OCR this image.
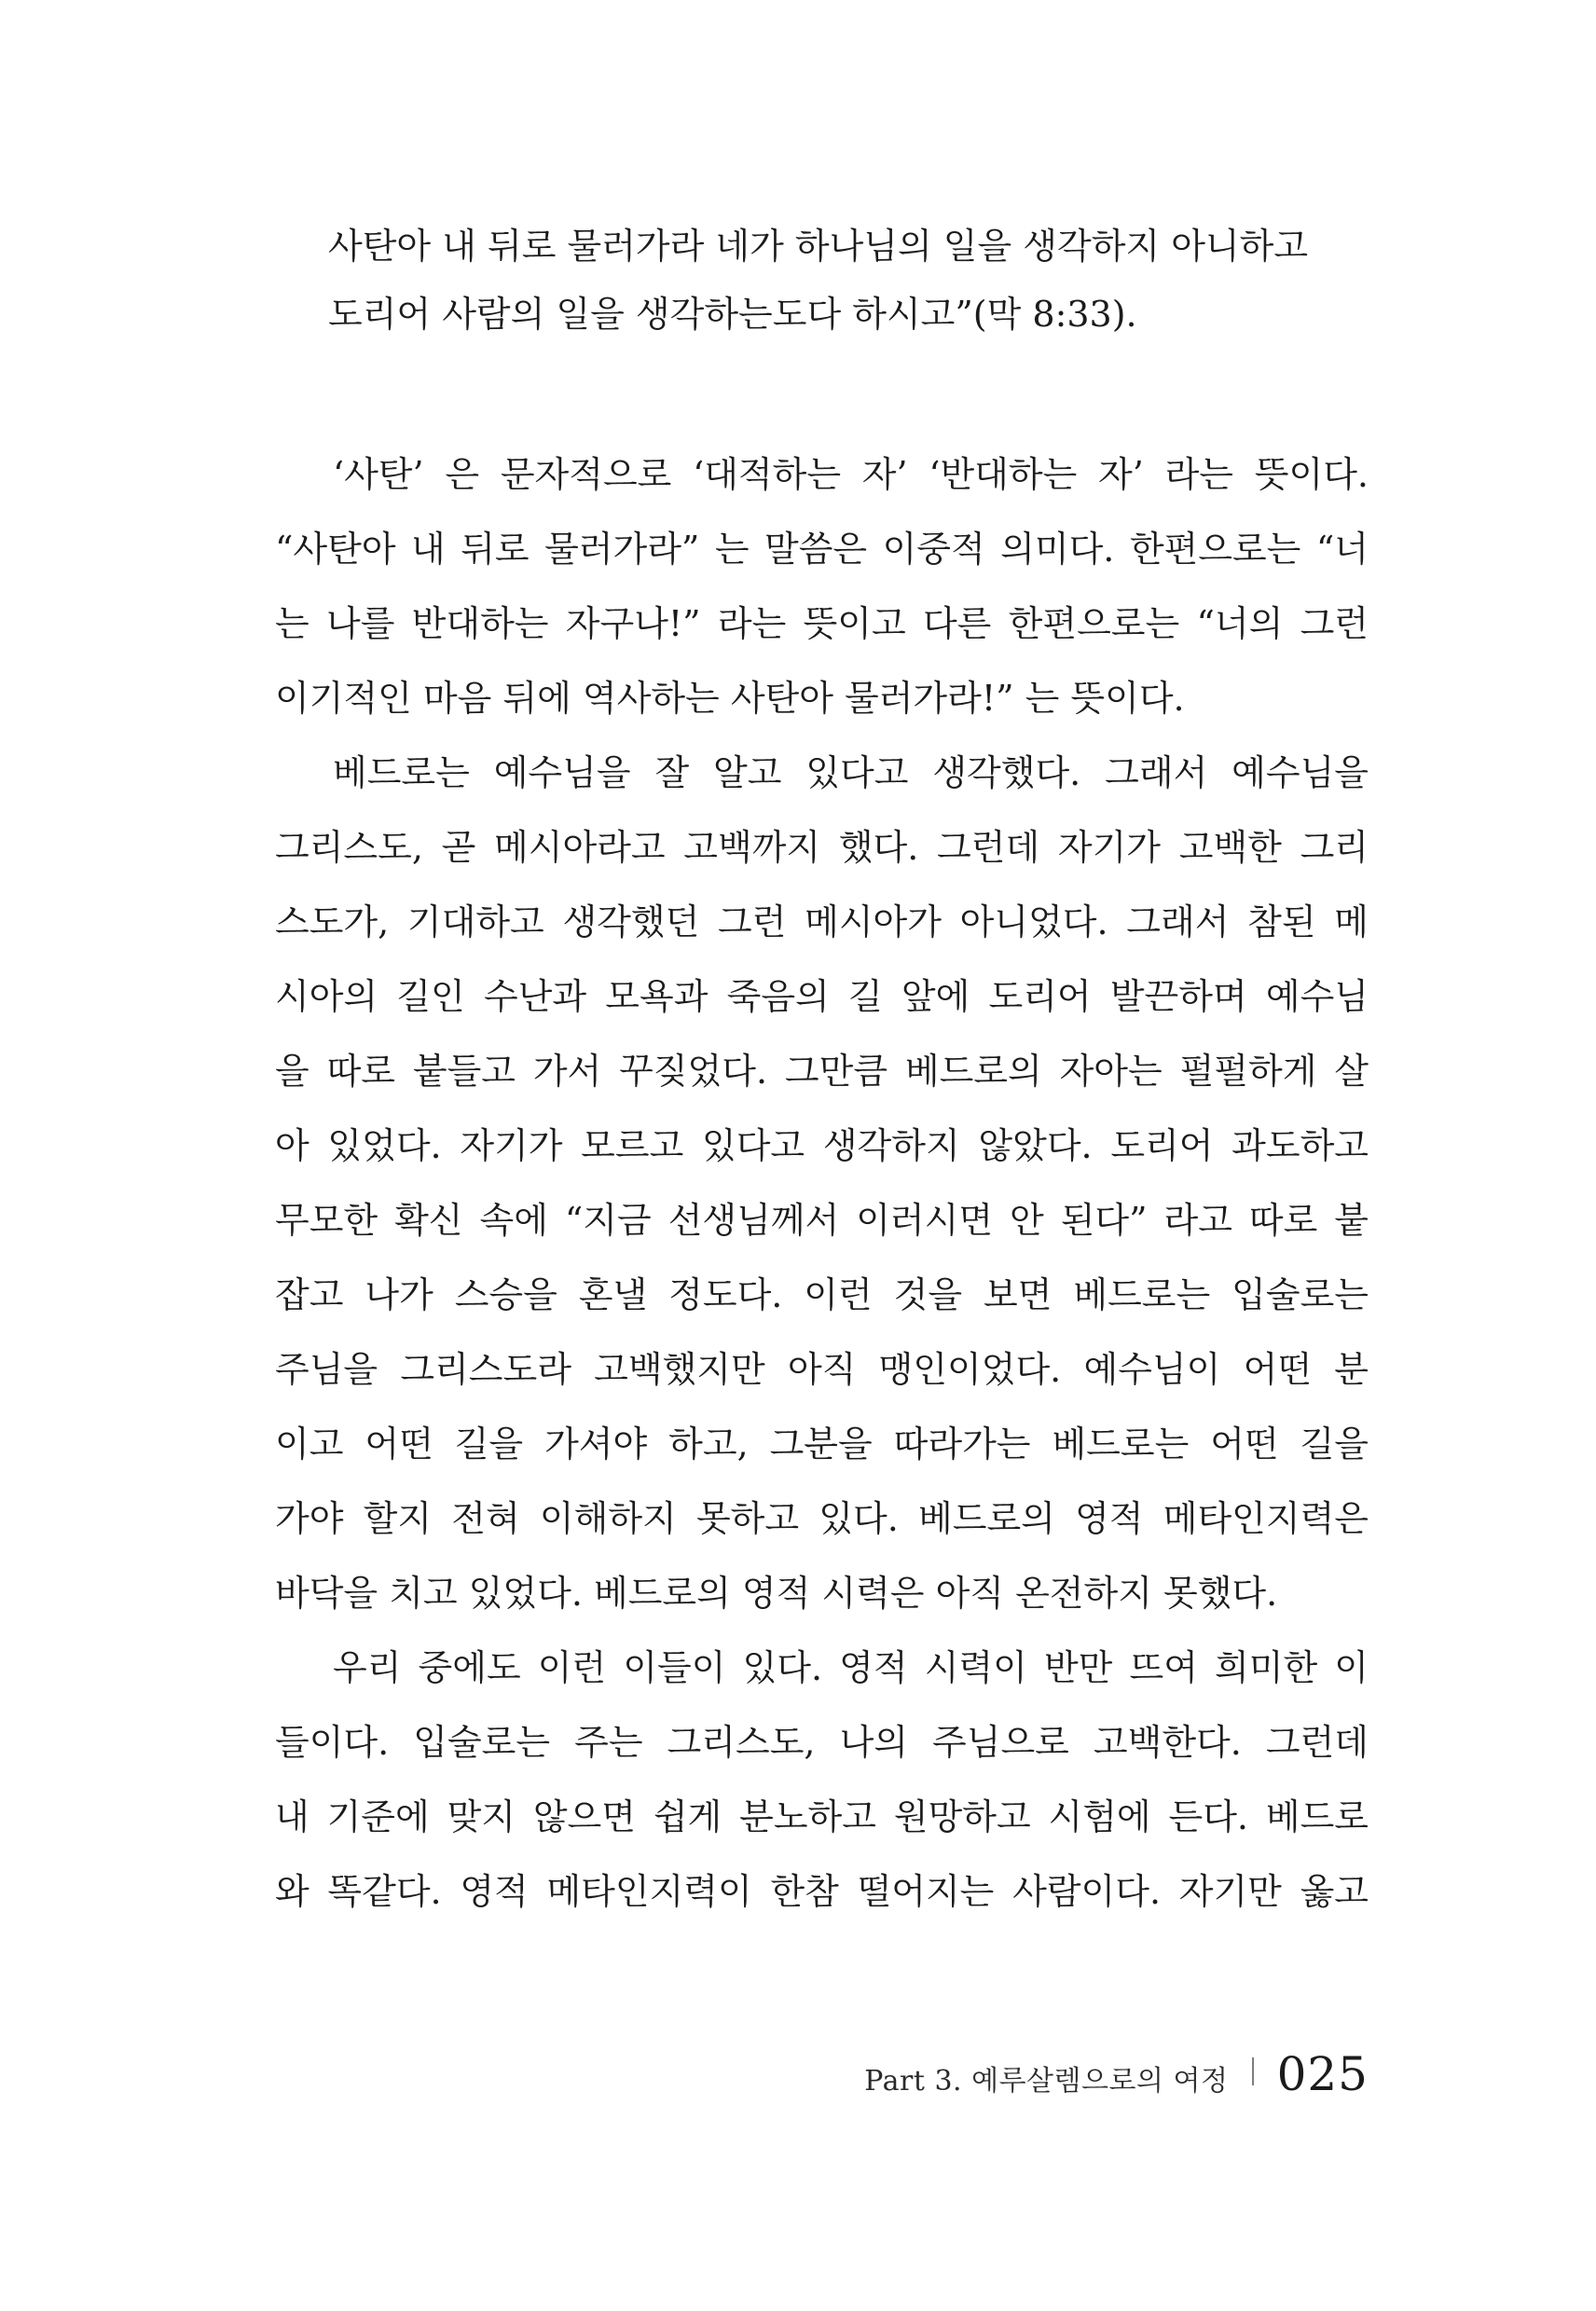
사탄아 내 뒤로 물러가라 네가 하나님의 일을 생각하지 아니하고
도리어 사람의 일을 생각하는도다 하시고”(막 8:33).
‘사탄’ 은 문자적으로 ‘대적하는 자’ ‘반대하는 자’ 라는 뜻이다.
“사탄아 내 뒤로 물러가라” 는 말씀은 이중적 의미다. 한편으로는 “너
는 나를 반대하는 자구나!” 라는 뜻이고 다른 한편으로는 “너의 그런
이기적인 마음 뒤에 역사하는 사탄아 물러가라!” 는 뜻이다.
베드로는 예수님을 잘 알고 있다고 생각했다. 그래서 예수님을
그리스도, 곧 메시아라고 고백까지 했다. 그런데 자기가 고백한 그리
스도가, 기대하고 생각했던 그런 메시아가 아니었다. 그래서 참된 메
시아의 길인 수난과 모욕과 죽음의 길 앞에 도리어 발끈하며 예수님
을 따로 붙들고 가서 꾸짖었다. 그만큼 베드로의 자아는 펄펄하게 살
아 있었다. 자기가 모르고 있다고 생각하지 않았다. 도리어 과도하고
무모한 확신 속에 “지금 선생님께서 이러시면 안 된다” 라고 따로 붙
잡고 나가 스승을 혼낼 정도다. 이런 것을 보면 베드로는 입술로는
주님을 그리스도라 고백했지만 아직 맹인이었다. 예수님이 어떤 분
이고 어떤 길을 가셔야 하고, 그분을 따라가는 베드로는 어떤 길을
가야 할지 전혀 이해하지 못하고 있다. 베드로의 영적 메타인지력은
바닥을 치고 있었다. 베드로의 영적 시력은 아직 온전하지 못했다.
우리 중에도 이런 이들이 있다. 영적 시력이 반만 뜨여 희미한 이
들이다. 입술로는 주는 그리스도, 나의 주님으로 고백한다. 그런데
내 기준에 맞지 않으면 쉽게 분노하고 원망하고 시험에 든다. 베드로
와 똑같다. 영적 메타인지력이 한참 떨어지는 사람이다. 자기만 옳고
Part 3. 예루살렘으로의 여정 | 025
